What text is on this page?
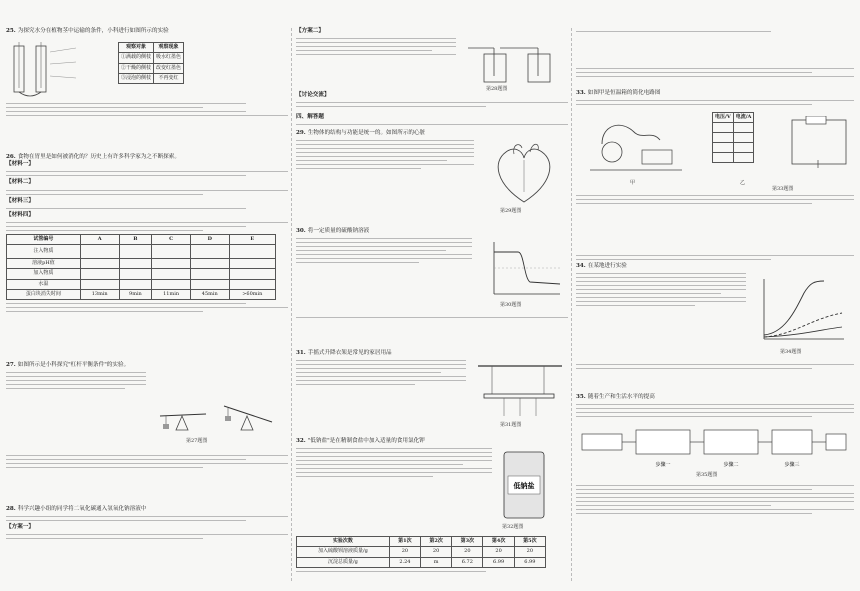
25. 为探究水分在植物茎中运输的条件，小科进行如图所示的实验
观察对象	观察现象
①满载的侧枝	吸水红墨色
②干燥的侧枝	改变红墨色
③浸泡的侧枝	不再变红
26. 食物在胃里是如何被消化的？历史上有许多科学家为之不断探索。
【材料一】
【材料二】
【材料三】
【材料四】
试管编号	A	B	C	D	E
注入物质					
溶液pH值					
加入物质					
水温					
蛋白块消失时间	13min	9min	11min	45min	>60min
27. 如图所示是小科探究"杠杆平衡条件"的实验。
第27题图
28. 科学兴趣小组的同学将二氧化碳通入氢氧化钠溶液中
【方案一】
【方案二】
第28题图
【讨论交流】
四、解答题
29. 生物体的结构与功能是统一的。如图所示的心脏
第29题图
30. 将一定质量的硫酸钠溶液
第30题图
31. 手摇式升降衣架是常见的家居用品
第31题图
32. "低钠盐"是在精制食盐中加入适量的食用氯化钾
低钠盐
第32题图
实验次数	第1次	第2次	第3次	第4次	第5次
加入硫酸钡溶液质量/g	20	20	20	20	20
沉淀总质量/g	2.24	m	6.72	6.99	6.99
33. 如图甲是恒温箱的简化电路图
甲
电压/V	电流/A

乙
第33题图
34. 在某地进行实验
第34题图
35. 随着生产和生活水平的提高
步骤一	步骤二	步骤三
第35题图
